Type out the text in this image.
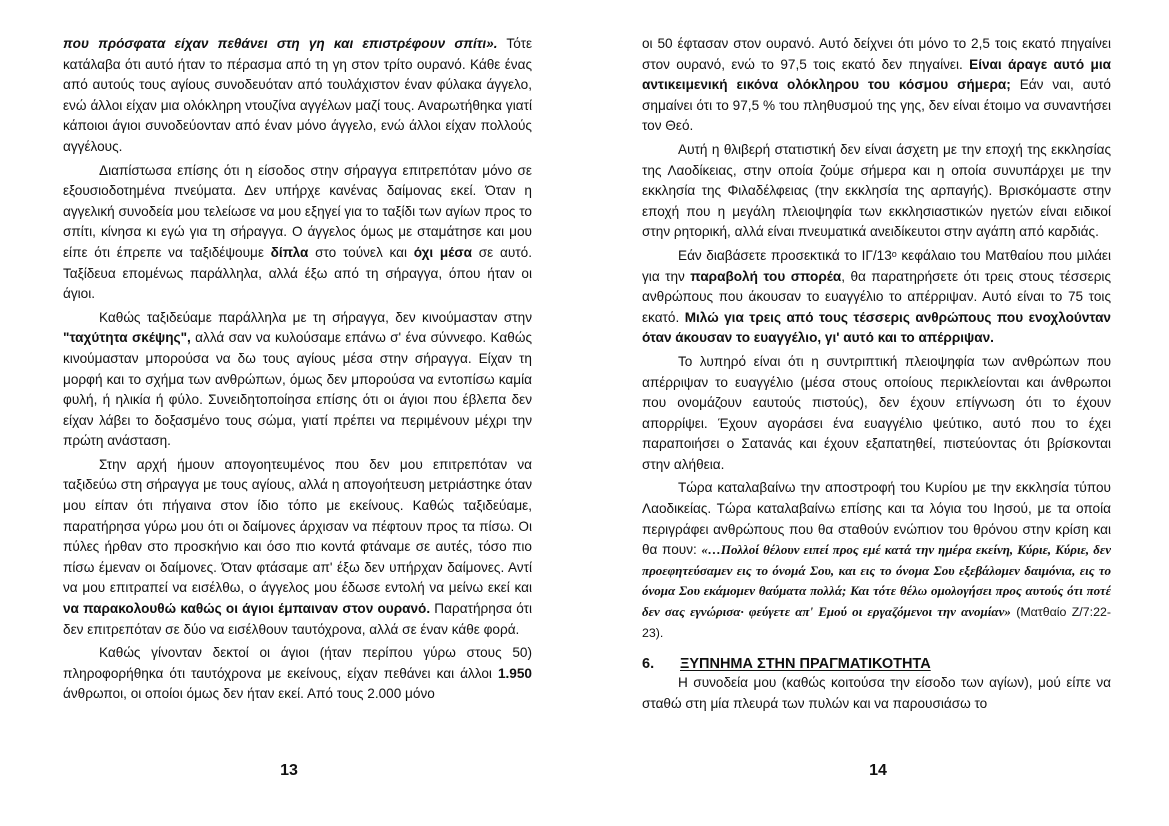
που πρόσφατα είχαν πεθάνει στη γη και επιστρέφουν σπίτι». Τότε κατάλαβα ότι αυτό ήταν το πέρασμα από τη γη στον τρίτο ουρανό. Κάθε ένας από αυτούς τους αγίους συνοδευόταν από τουλάχιστον έναν φύλακα άγγελο, ενώ άλλοι είχαν μια ολόκληρη ντουζίνα αγγέλων μαζί τους. Αναρωτήθηκα γιατί κάποιοι άγιοι συνοδεύονταν από έναν μόνο άγγελο, ενώ άλλοι είχαν πολλούς αγγέλους.

Διαπίστωσα επίσης ότι η είσοδος στην σήραγγα επιτρεπόταν μόνο σε εξουσιοδοτημένα πνεύματα. Δεν υπήρχε κανένας δαίμονας εκεί. Όταν η αγγελική συνοδεία μου τελείωσε να μου εξηγεί για το ταξίδι των αγίων προς το σπίτι, κίνησα κι εγώ για τη σήραγγα. Ο άγγελος όμως με σταμάτησε και μου είπε ότι έπρεπε να ταξιδέψουμε δίπλα στο τούνελ και όχι μέσα σε αυτό. Ταξίδευα επομένως παράλληλα, αλλά έξω από τη σήραγγα, όπου ήταν οι άγιοι.

Καθώς ταξιδεύαμε παράλληλα με τη σήραγγα, δεν κινούμασταν στην "ταχύτητα σκέψης", αλλά σαν να κυλούσαμε επάνω σ' ένα σύννεφο. Καθώς κινούμασταν μπορούσα να δω τους αγίους μέσα στην σήραγγα. Είχαν τη μορφή και το σχήμα των ανθρώπων, όμως δεν μπορούσα να εντοπίσω καμία φυλή, ή ηλικία ή φύλο. Συνειδητοποίησα επίσης ότι οι άγιοι που έβλεπα δεν είχαν λάβει το δοξασμένο τους σώμα, γιατί πρέπει να περιμένουν μέχρι την πρώτη ανάσταση.

Στην αρχή ήμουν απογοητευμένος που δεν μου επιτρεπόταν να ταξιδεύω στη σήραγγα με τους αγίους, αλλά η απογοήτευση μετριάστηκε όταν μου είπαν ότι πήγαινα στον ίδιο τόπο με εκείνους. Καθώς ταξιδεύαμε, παρατήρησα γύρω μου ότι οι δαίμονες άρχισαν να πέφτουν προς τα πίσω. Οι πύλες ήρθαν στο προσκήνιο και όσο πιο κοντά φτάναμε σε αυτές, τόσο πιο πίσω έμεναν οι δαίμονες. Όταν φτάσαμε απ' έξω δεν υπήρχαν δαίμονες. Αντί να μου επιτραπεί να εισέλθω, ο άγγελος μου έδωσε εντολή να μείνω εκεί και να παρακολουθώ καθώς οι άγιοι έμπαιναν στον ουρανό. Παρατήρησα ότι δεν επιτρεπόταν σε δύο να εισέλθουν ταυτόχρονα, αλλά σε έναν κάθε φορά.

Καθώς γίνονταν δεκτοί οι άγιοι (ήταν περίπου γύρω στους 50) πληροφορήθηκα ότι ταυτόχρονα με εκείνους, είχαν πεθάνει και άλλοι 1.950 άνθρωποι, οι οποίοι όμως δεν ήταν εκεί. Από τους 2.000 μόνο

13

οι 50 έφτασαν στον ουρανό. Αυτό δείχνει ότι μόνο τo 2,5 τοις εκατό πηγαίνει στον ουρανό, ενώ το 97,5 τοις εκατό δεν πηγαίνει. Είναι άραγε αυτό μια αντικειμενική εικόνα ολόκληρου του κόσμου σήμερα; Εάν ναι, αυτό σημαίνει ότι το 97,5 % του πληθυσμού της γης, δεν είναι έτοιμο να συναντήσει τον Θεό.

Αυτή η θλιβερή στατιστική δεν είναι άσχετη με την εποχή της εκκλησίας της Λαοδίκειας, στην οποία ζούμε σήμερα και η οποία συνυπάρχει με την εκκλησία της Φιλαδέλφειας (την εκκλησία της αρπαγής). Βρισκόμαστε στην εποχή που η μεγάλη πλειοψηφία των εκκλησιαστικών ηγετών είναι ειδικοί στην ρητορική, αλλά είναι πνευματικά ανειδίκευτοι στην αγάπη από καρδιάς.

Εάν διαβάσετε προσεκτικά το $I\Gamma/13^o$ κεφάλαιο του Ματθαίου που μιλάει για την παραβολή του σπορέα, θα παρατηρήσετε ότι τρεις στους τέσσερις ανθρώπους που άκουσαν το ευαγγέλιο το απέρριψαν. Αυτό είναι το 75 τοις εκατό. Μιλώ για τρεις από τους τέσσερις ανθρώπους που ενοχλούνταν όταν άκουσαν το ευαγγέλιο, γι' αυτό και το απέρριψαν.

Το λυπηρό είναι ότι η συντριπτική πλειοψηφία των ανθρώπων που απέρριψαν το ευαγγέλιο (μέσα στους οποίους περικλείονται και άνθρωποι που ονομάζουν εαυτούς πιστούς), δεν έχουν επίγνωση ότι το έχουν απορρίψει. Έχουν αγοράσει ένα ευαγγέλιο ψεύτικο, αυτό που το έχει παραποιήσει ο Σατανάς και έχουν εξαπατηθεί, πιστεύοντας ότι βρίσκονται στην αλήθεια.

Τώρα καταλαβαίνω την αποστροφή του Κυρίου με την εκκλησία τύπου Λαοδικείας. Τώρα καταλαβαίνω επίσης και τα λόγια του Ιησού, με τα οποία περιγράφει ανθρώπους που θα σταθούν ενώπιον του θρόνου στην κρίση και θα πουν: «…Πολλοί θέλουν ειπεί προς εμέ κατά την ημέρα εκείνη, Κύριε, Κύριε, δεν προεφητεύσαμεν εις το όνομά Σου, και εις το όνομα Σου εξεβάλομεν δαιμόνια, εις το όνομα Σου εκάμομεν θαύματα πολλά; Και τότε θέλω ομολογήσει προς αυτούς ότι ποτέ δεν σας εγνώρισα· φεύγετε απ' Εμού οι εργαζόμενοι την ανομίαν» (Ματθαίο Ζ/7:22-23).

6.	ΞΥΠΝΗΜΑ ΣΤΗΝ ΠΡΑΓΜΑΤΙΚΟΤΗΤΑ

Η συνοδεία μου (καθώς κοιτούσα την είσοδο των αγίων), μού είπε να σταθώ στη μία πλευρά των πυλών και να παρουσιάσω το

14
